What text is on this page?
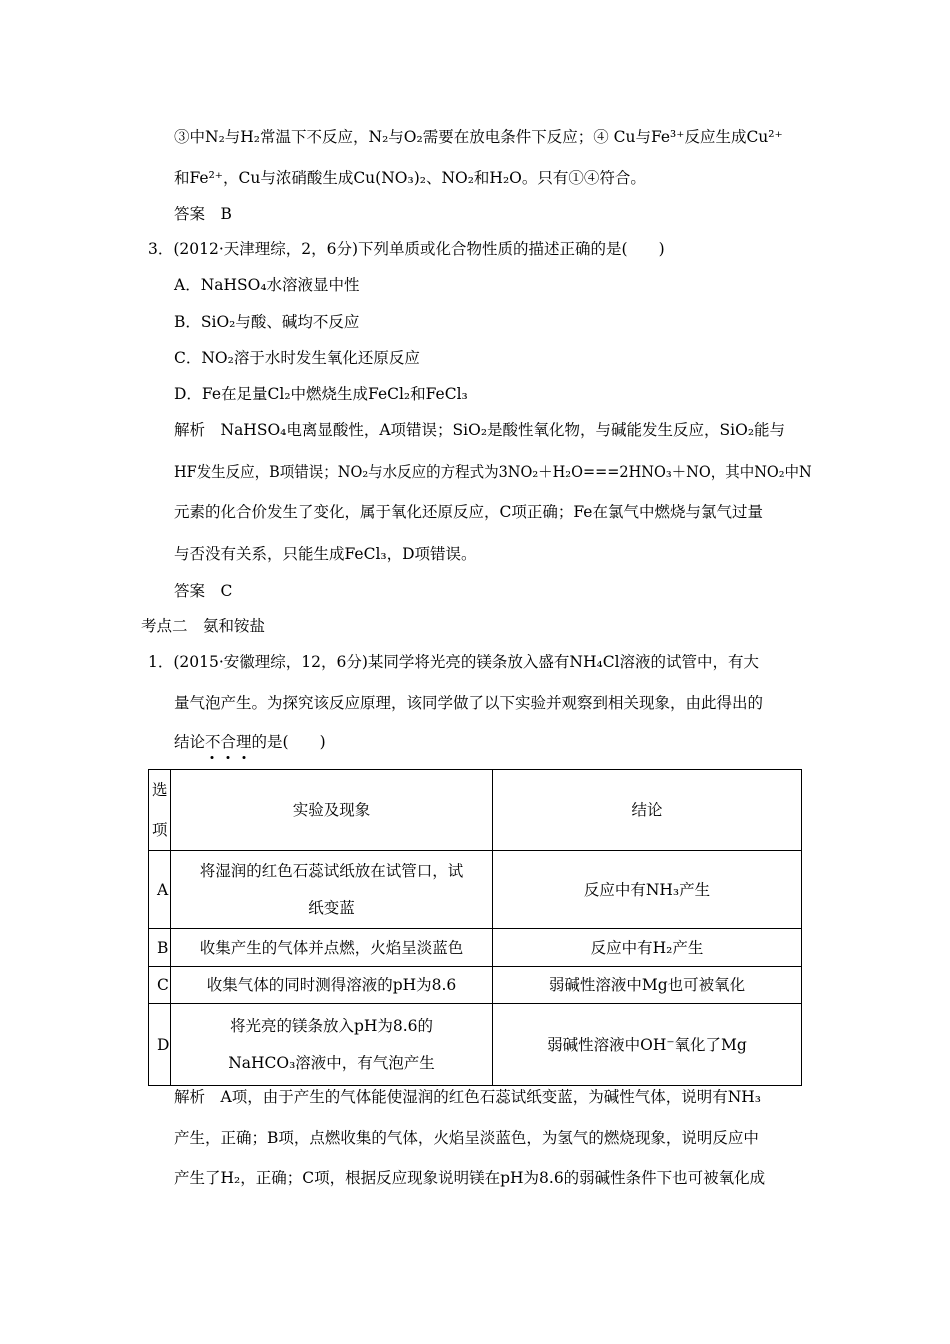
③中N₂与H₂常温下不反应，N₂与O₂需要在放电条件下反应；④ Cu与Fe³⁺反应生成Cu²⁺
和Fe²⁺，Cu与浓硝酸生成Cu(NO₃)₂、NO₂和H₂O。只有①④符合。
答案　B
3．(2012·天津理综，2，6分)下列单质或化合物性质的描述正确的是(　　)
A．NaHSO₄水溶液显中性
B．SiO₂与酸、碱均不反应
C．NO₂溶于水时发生氧化还原反应
D．Fe在足量Cl₂中燃烧生成FeCl₂和FeCl₃
解析　NaHSO₄电离显酸性，A项错误；SiO₂是酸性氧化物，与碱能发生反应，SiO₂能与
HF发生反应，B项错误；NO₂与水反应的方程式为3NO₂＋H₂O===2HNO₃＋NO，其中NO₂中N
元素的化合价发生了变化，属于氧化还原反应，C项正确；Fe在氯气中燃烧与氯气过量
与否没有关系，只能生成FeCl₃，D项错误。
答案　C
考点二　氨和铵盐
1．(2015·安徽理综，12，6分)某同学将光亮的镁条放入盛有NH₄Cl溶液的试管中，有大
量气泡产生。为探究该反应原理，该同学做了以下实验并观察到相关现象，由此得出的
结论不合理
的是(　　)
选项	实验及现象	结论
A	将湿润的红色石蕊试纸放在试管口，试纸变蓝	反应中有NH₃产生
B	收集产生的气体并点燃，火焰呈淡蓝色	反应中有H₂产生
C	收集气体的同时测得溶液的pH为8.6	弱碱性溶液中Mg也可被氧化
D	将光亮的镁条放入pH为8.6的NaHCO₃溶液中，有气泡产生	弱碱性溶液中OH⁻氧化了Mg
解析　A项，由于产生的气体能使湿润的红色石蕊试纸变蓝，为碱性气体，说明有NH₃
产生，正确；B项，点燃收集的气体，火焰呈淡蓝色，为氢气的燃烧现象，说明反应中
产生了H₂，正确；C项，根据反应现象说明镁在pH为8.6的弱碱性条件下也可被氧化成
